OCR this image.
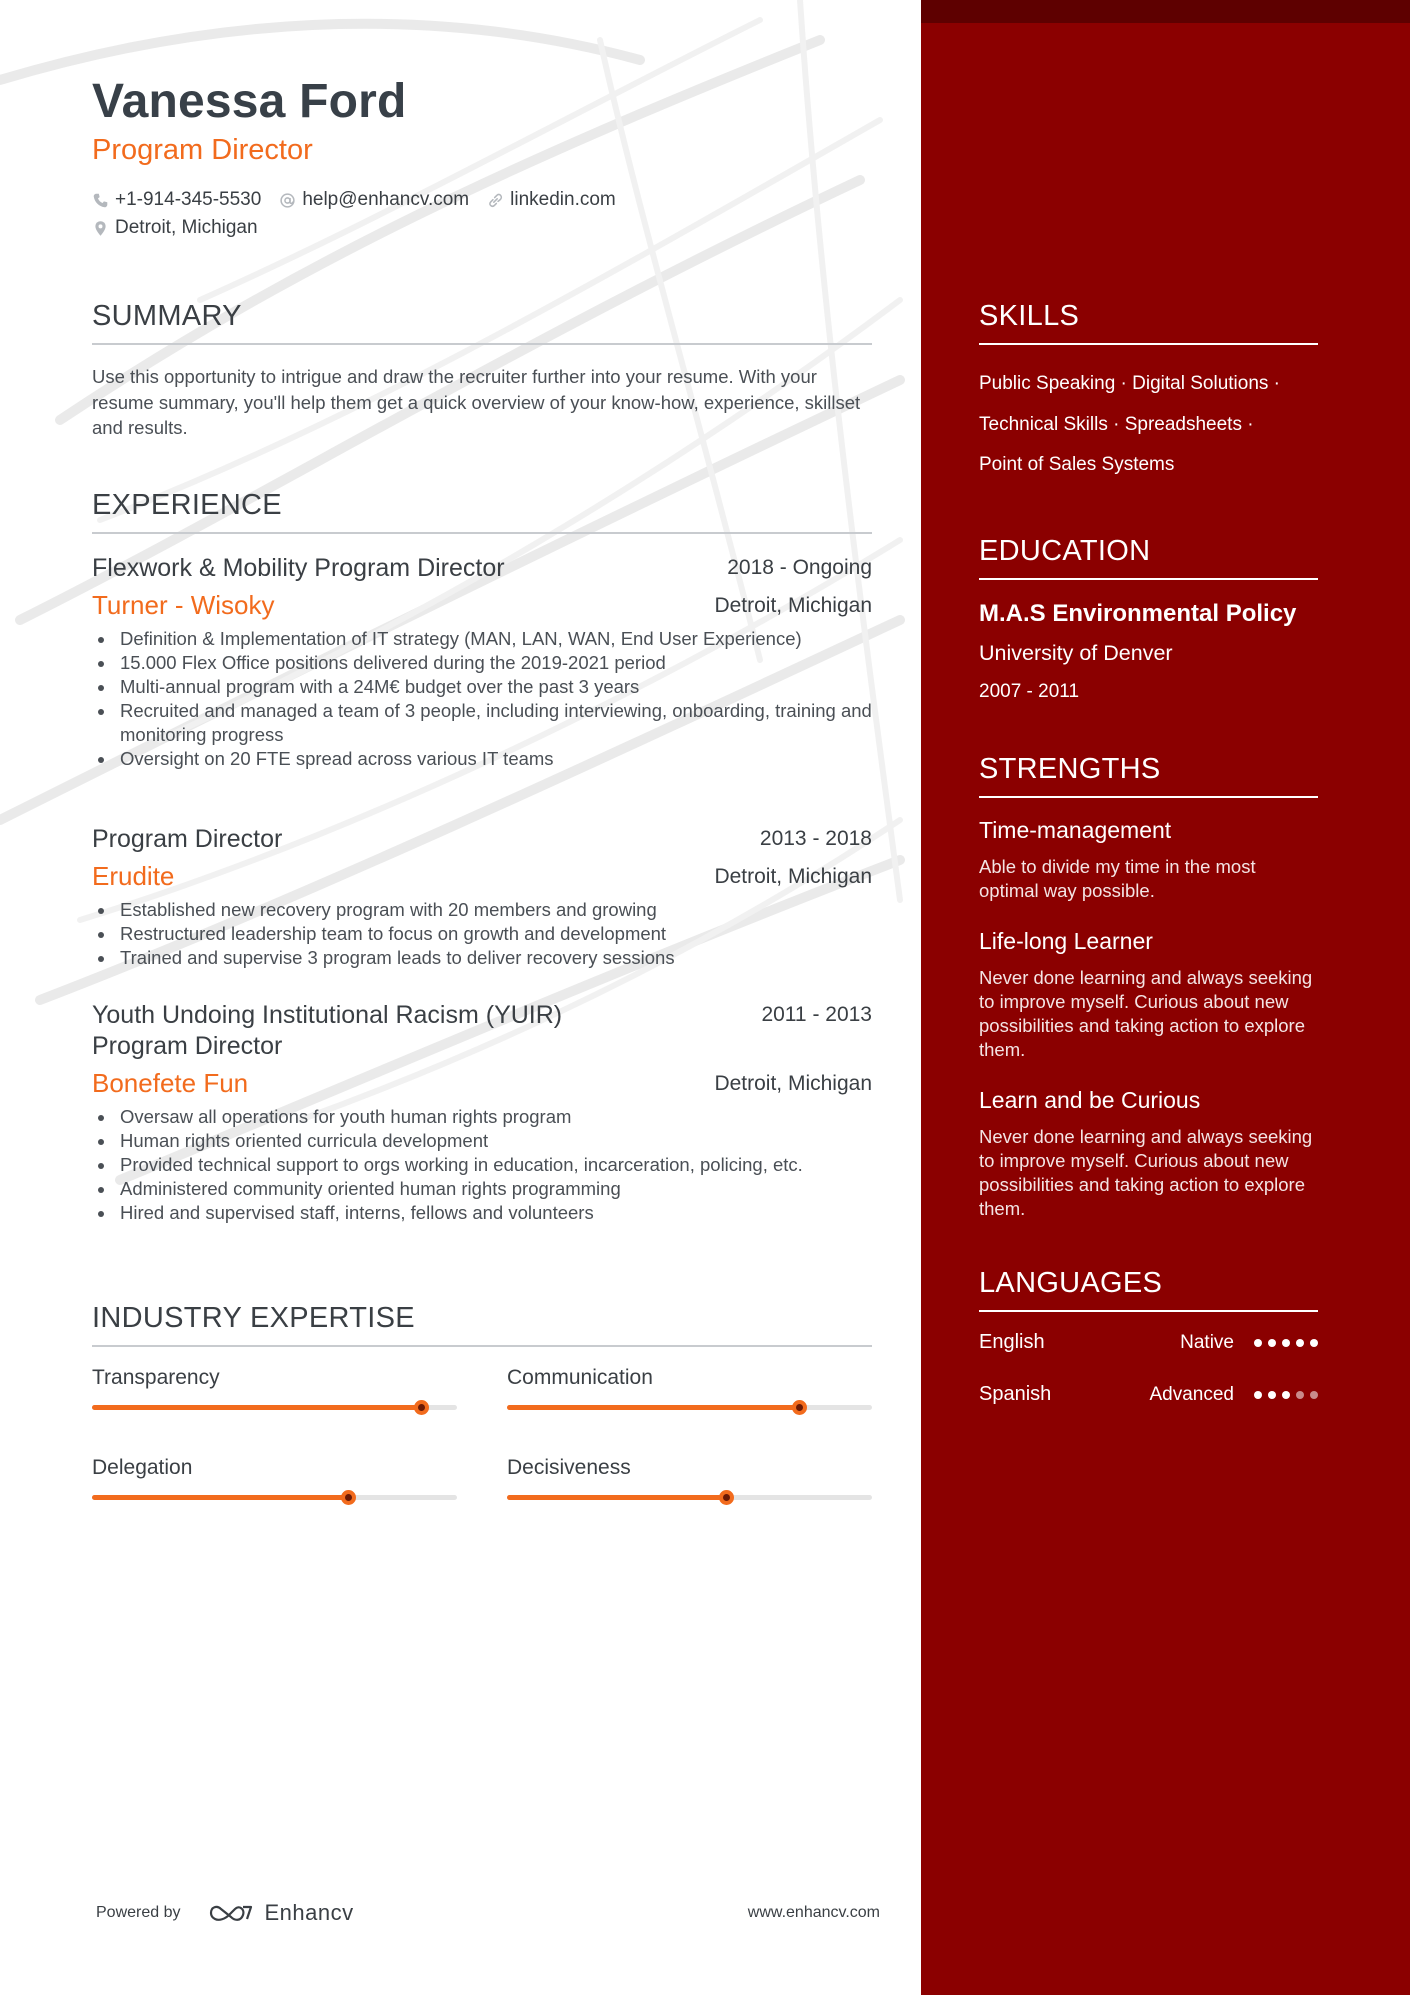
Vanessa Ford
Program Director
+1-914-345-5530 help@enhancv.com linkedin.com
Detroit, Michigan
SUMMARY
Use this opportunity to intrigue and draw the recruiter further into your resume. With your resume summary, you'll help them get a quick overview of your know-how, experience, skillset and results.
EXPERIENCE
Flexwork & Mobility Program Director	2018 - Ongoing
Turner - Wisoky	Detroit, Michigan
Definition & Implementation of IT strategy (MAN, LAN, WAN, End User Experience)
15.000 Flex Office positions delivered during the 2019-2021 period
Multi-annual program with a 24M€ budget over the past 3 years
Recruited and managed a team of 3 people, including interviewing, onboarding, training and monitoring progress
Oversight on 20 FTE spread across various IT teams
Program Director	2013 - 2018
Erudite	Detroit, Michigan
Established new recovery program with 20 members and growing
Restructured leadership team to focus on growth and development
Trained and supervise 3 program leads to deliver recovery sessions
Youth Undoing Institutional Racism (YUIR) Program Director
2011 - 2013
Bonefete Fun	Detroit, Michigan
Oversaw all operations for youth human rights program
Human rights oriented curricula development
Provided technical support to orgs working in education, incarceration, policing, etc.
Administered community oriented human rights programming
Hired and supervised staff, interns, fellows and volunteers
INDUSTRY EXPERTISE
Transparency	Communication
Delegation	Decisiveness
Powered by	Enhancv	www.enhancv.com
SKILLS
Public Speaking · Digital Solutions ·
Technical Skills · Spreadsheets ·
Point of Sales Systems
EDUCATION
M.A.S Environmental Policy
University of Denver
2007 - 2011
STRENGTHS
Time-management
Able to divide my time in the most optimal way possible.
Life-long Learner
Never done learning and always seeking to improve myself. Curious about new possibilities and taking action to explore them.
Learn and be Curious
Never done learning and always seeking to improve myself. Curious about new possibilities and taking action to explore them.
LANGUAGES
English	Native
Spanish	Advanced
